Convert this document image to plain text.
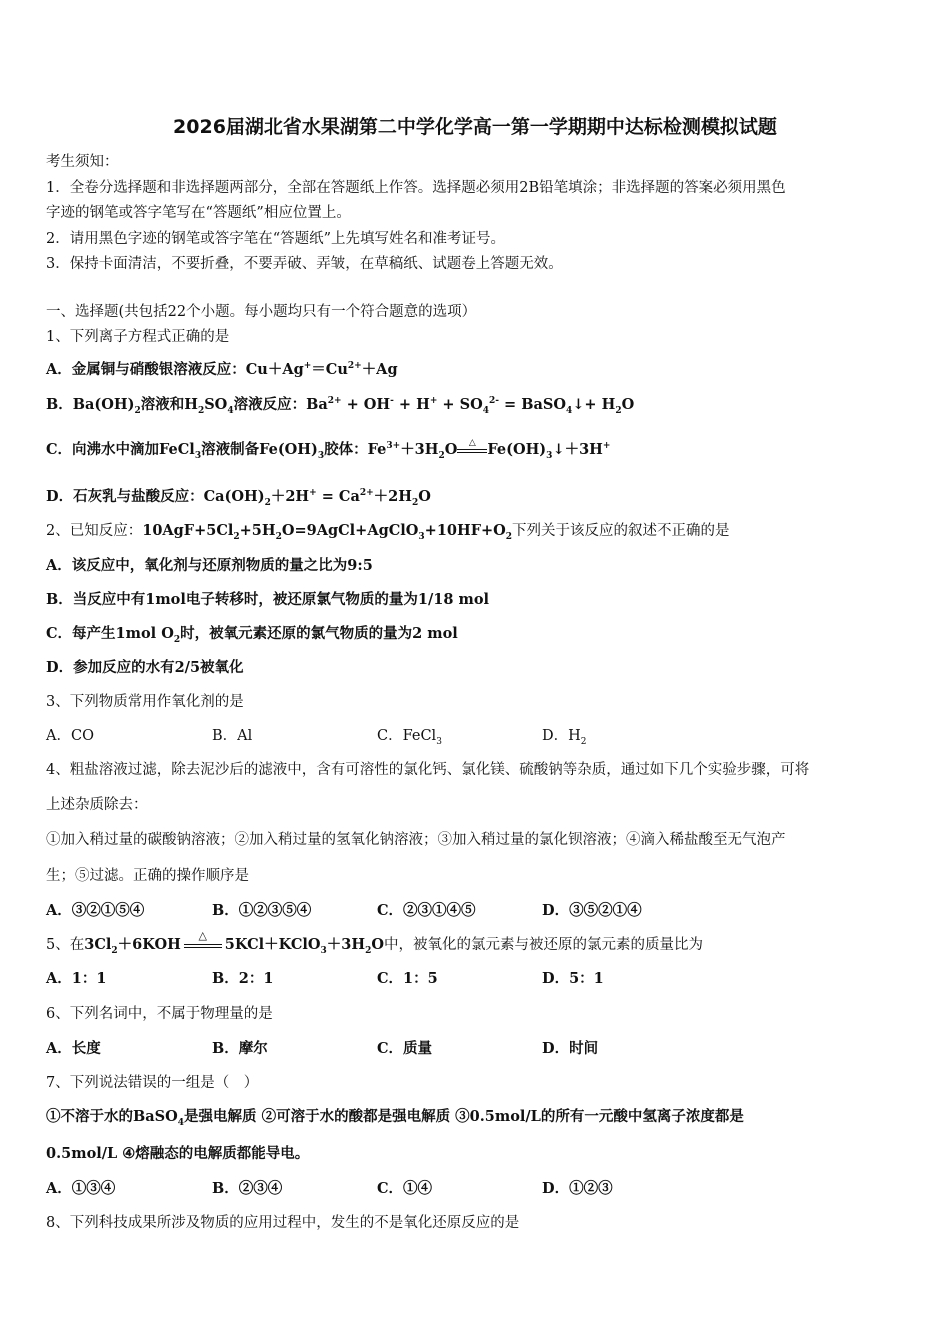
2026届湖北省水果湖第二中学化学高一第一学期期中达标检测模拟试题
考生须知：
1．全卷分选择题和非选择题两部分，全部在答题纸上作答。选择题必须用2B铅笔填涂；非选择题的答案必须用黑色
字迹的钢笔或答字笔写在“答题纸”相应位置上。
2．请用黑色字迹的钢笔或答字笔在“答题纸”上先填写姓名和准考证号。
3．保持卡面清洁，不要折叠，不要弄破、弄皱，在草稿纸、试题卷上答题无效。
一、选择题(共包括22个小题。每小题均只有一个符合题意的选项）
1、下列离子方程式正确的是
A．金属铜与硝酸银溶液反应：$Cu+Ag^+=Cu^{2+}+Ag$
B．$Ba(OH)_2$溶液和$H_2SO_4$溶液反应：$Ba^{2+} + OH^- + H^+ + SO_4^{2-}$ = BaSO$_4$↓+ $H_2O$
C．向沸水中滴加FeCl$_3$溶液制备$Fe(OH)_3$胶体：$Fe^{3+}+3H_2O$	△ $Fe(OH)_3↓+3H^+$
D．石灰乳与盐酸反应：$Ca(OH)_2+2H^+ = Ca^{2+}+2H_2O$
2、已知反应：$10AgF+5Cl_2+5H_2O=9AgCl+AgClO_3+10HF+O_2$下列关于该反应的叙述不正确的是
A．该反应中，氧化剂与还原剂物质的量之比为9:5
B．当反应中有1mol电子转移时，被还原氯气物质的量为1/18 mol
C．每产生1mol $O_2$时，被氧元素还原的氯气物质的量为2 mol
D．参加反应的水有2/5被氧化
3、下列物质常用作氧化剂的是
A．CO	B．Al	C．FeCl$_3$	D．$H_2$
4、粗盐溶液过滤，除去泥沙后的滤液中，含有可溶性的氯化钙、氯化镁、硫酸钠等杂质，通过如下几个实验步骤，可将
上述杂质除去：
①加入稍过量的碳酸钠溶液；②加入稍过量的氢氧化钠溶液；③加入稍过量的氯化钡溶液；④滴入稀盐酸至无气泡产
生；⑤过滤。正确的操作顺序是
A．③②①⑤④	B．①②③⑤④	C．②③①④⑤	D．③⑤②①④
5、在$3Cl_2+6KOH$
△
$5KCl+KClO_3+3H_2O$中，被氧化的氯元素与被还原的氯元素的质量比为
A．1：1	B．2：1	C．1：5	D．5：1
6、下列名词中，不属于物理量的是
A．长度	B．摩尔	C．质量	D．时间
7、下列说法错误的一组是（　）
①不溶于水的BaSO$_4$是强电解质 ②可溶于水的酸都是强电解质 ③0.5mol/L的所有一元酸中氢离子浓度都是
0.5mol/L ④熔融态的电解质都能导电。
A．①③④	B．②③④	C．①④	D．①②③
8、下列科技成果所涉及物质的应用过程中，发生的不是氧化还原反应的是
